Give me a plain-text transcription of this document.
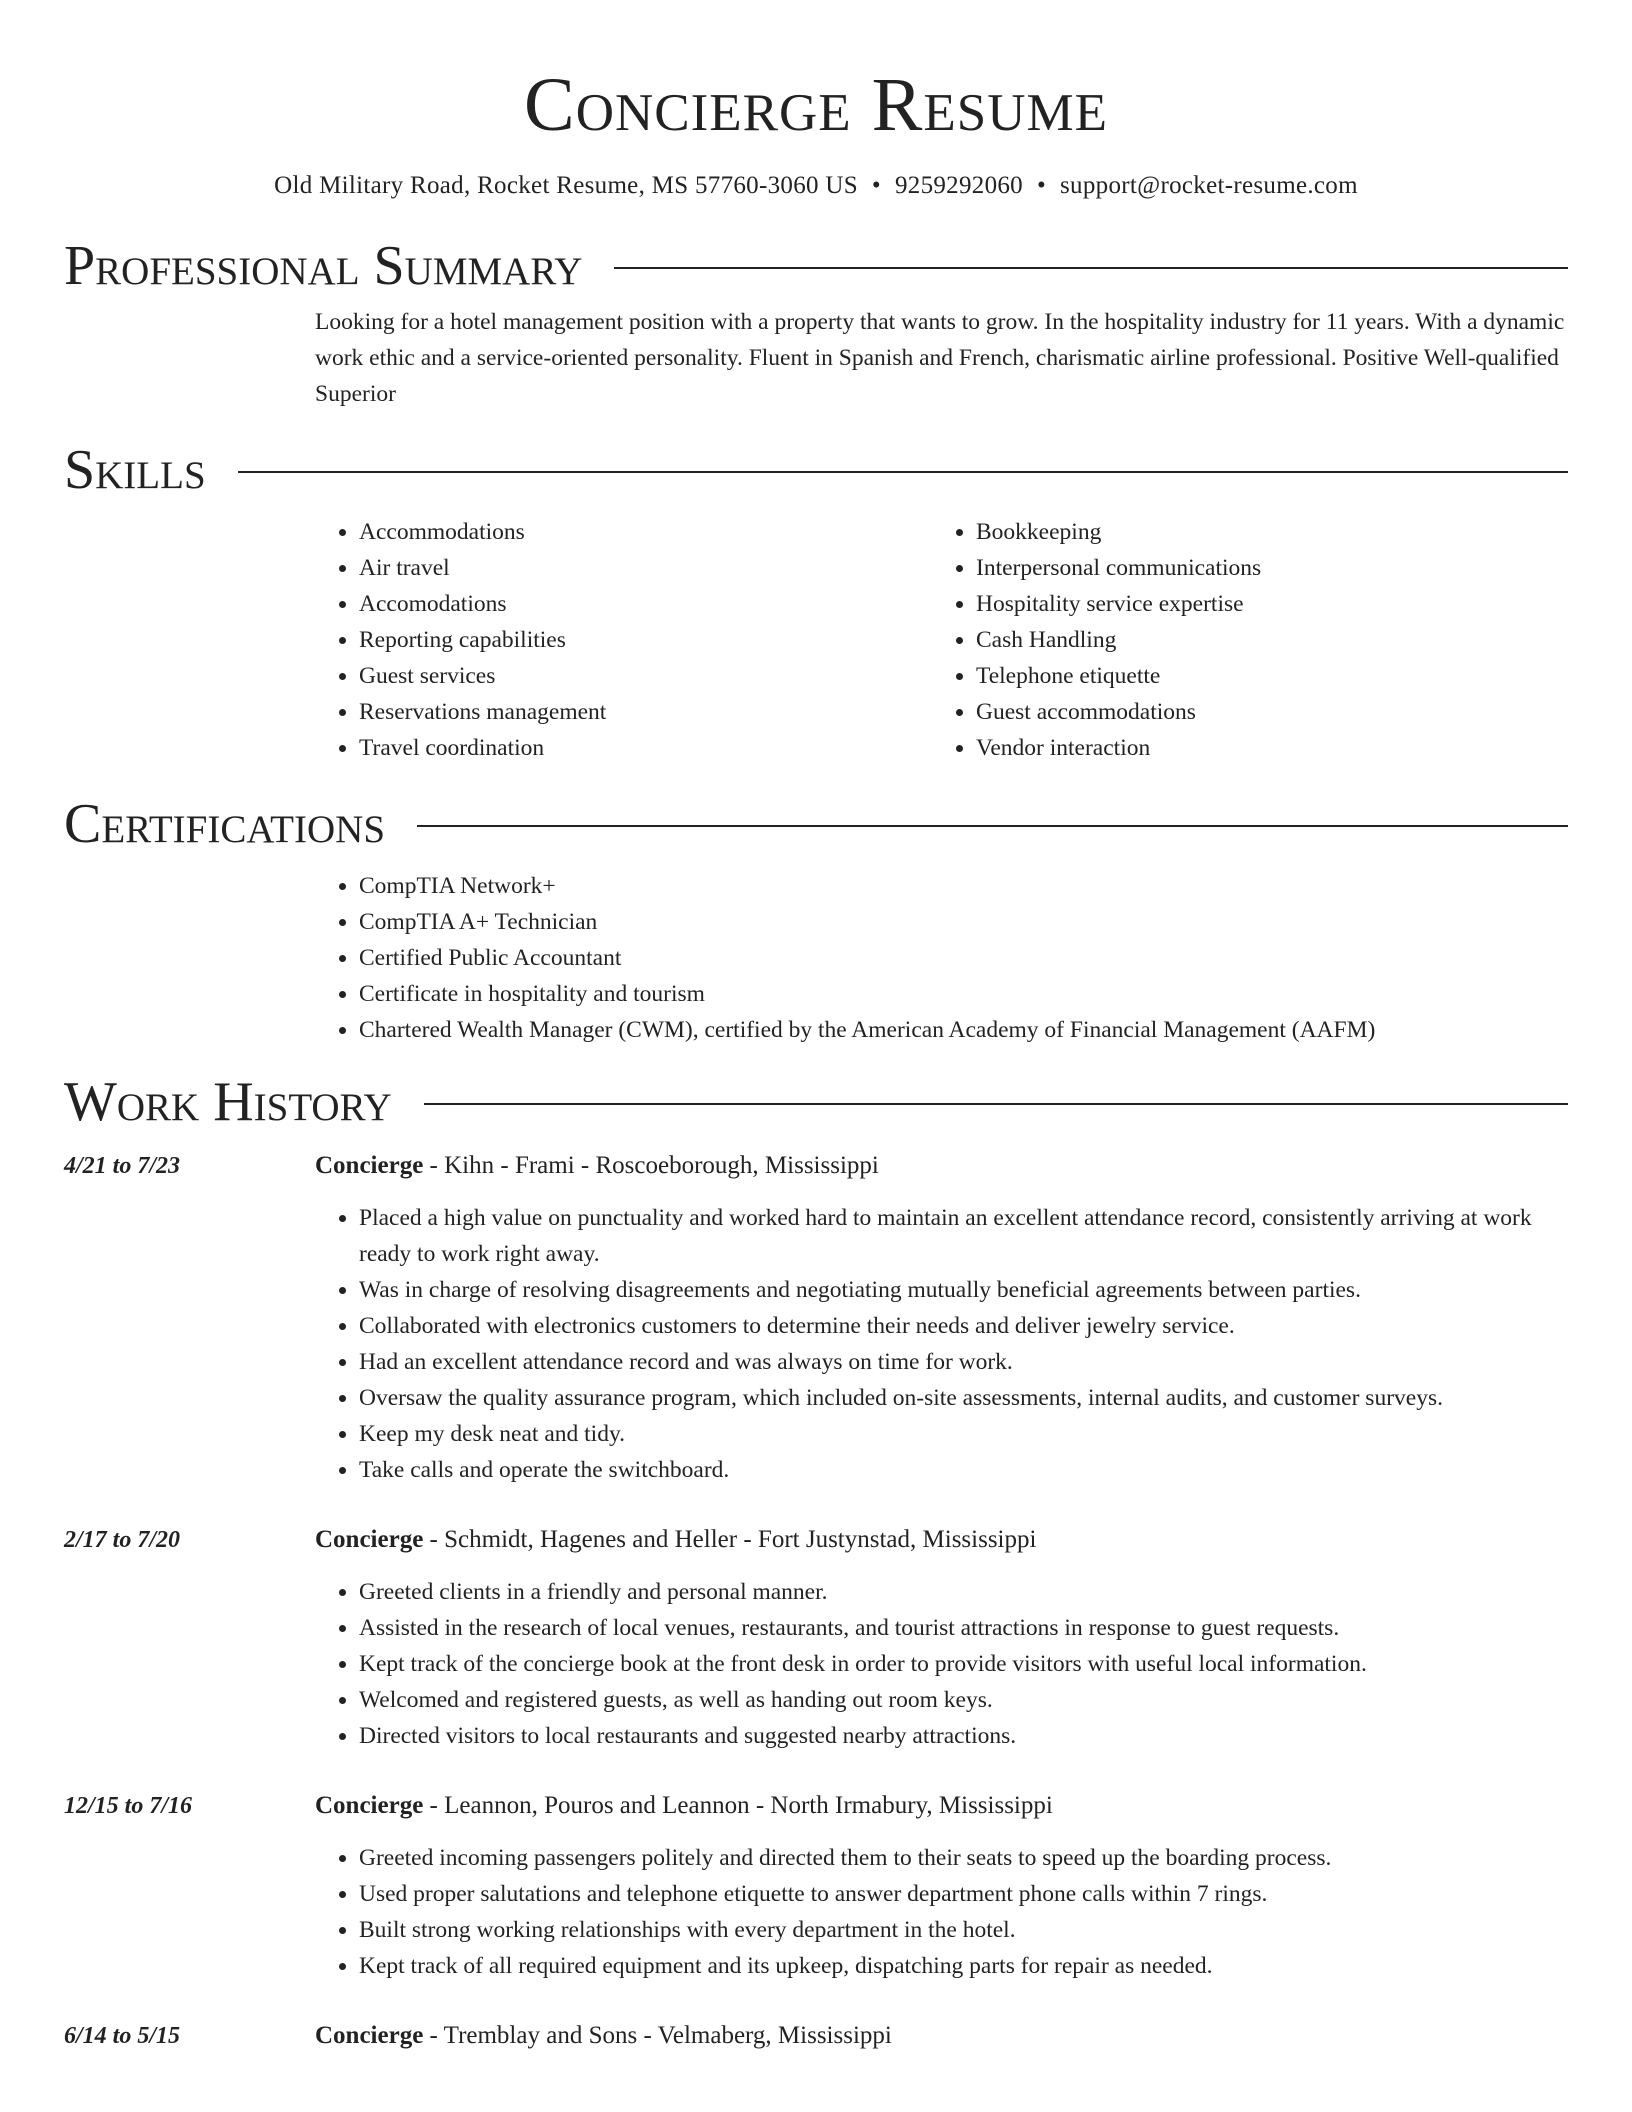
Concierge Resume
Old Military Road, Rocket Resume, MS 57760-3060 US • 9259292060 • support@rocket-resume.com
Professional Summary
Looking for a hotel management position with a property that wants to grow. In the hospitality industry for 11 years. With a dynamic work ethic and a service-oriented personality. Fluent in Spanish and French, charismatic airline professional. Positive Well-qualified Superior
Skills
• Accommodations
• Air travel
• Accomodations
• Reporting capabilities
• Guest services
• Reservations management
• Travel coordination
• Bookkeeping
• Interpersonal communications
• Hospitality service expertise
• Cash Handling
• Telephone etiquette
• Guest accommodations
• Vendor interaction
Certifications
• CompTIA Network+
• CompTIA A+ Technician
• Certified Public Accountant
• Certificate in hospitality and tourism
• Chartered Wealth Manager (CWM), certified by the American Academy of Financial Management (AAFM)
Work History
4/21 to 7/23	Concierge - Kihn - Frami - Roscoeborough, Mississippi
• Placed a high value on punctuality and worked hard to maintain an excellent attendance record, consistently arriving at work ready to work right away.
• Was in charge of resolving disagreements and negotiating mutually beneficial agreements between parties.
• Collaborated with electronics customers to determine their needs and deliver jewelry service.
• Had an excellent attendance record and was always on time for work.
• Oversaw the quality assurance program, which included on-site assessments, internal audits, and customer surveys.
• Keep my desk neat and tidy.
• Take calls and operate the switchboard.
2/17 to 7/20	Concierge - Schmidt, Hagenes and Heller - Fort Justynstad, Mississippi
• Greeted clients in a friendly and personal manner.
• Assisted in the research of local venues, restaurants, and tourist attractions in response to guest requests.
• Kept track of the concierge book at the front desk in order to provide visitors with useful local information.
• Welcomed and registered guests, as well as handing out room keys.
• Directed visitors to local restaurants and suggested nearby attractions.
12/15 to 7/16	Concierge - Leannon, Pouros and Leannon - North Irmabury, Mississippi
• Greeted incoming passengers politely and directed them to their seats to speed up the boarding process.
• Used proper salutations and telephone etiquette to answer department phone calls within 7 rings.
• Built strong working relationships with every department in the hotel.
• Kept track of all required equipment and its upkeep, dispatching parts for repair as needed.
6/14 to 5/15	Concierge - Tremblay and Sons - Velmaberg, Mississippi
